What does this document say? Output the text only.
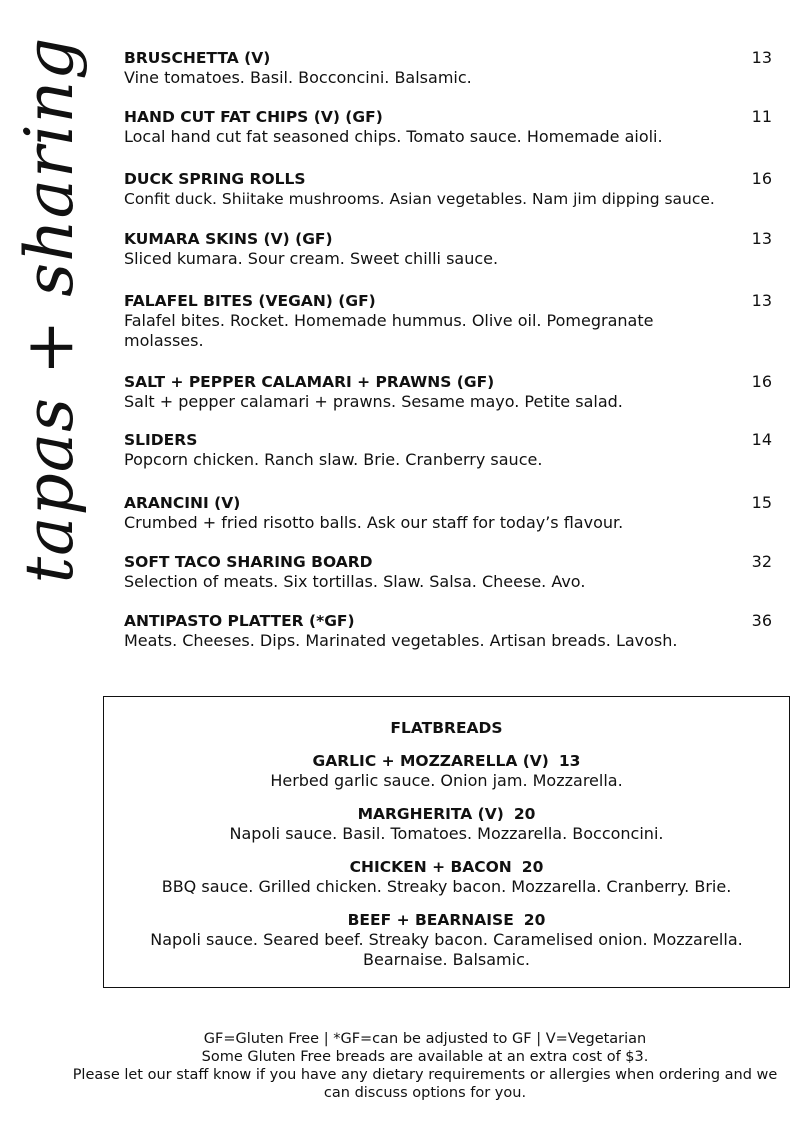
tapas + sharing BRUSCHETTA (V)	13
Vine tomatoes. Basil. Bocconcini. Balsamic.
HAND CUT FAT CHIPS (V) (GF)	11
Local hand cut fat seasoned chips. Tomato sauce. Homemade aioli.
DUCK SPRING ROLLS	16
Confit duck. Shiitake mushrooms. Asian vegetables. Nam jim dipping sauce.
KUMARA SKINS (V) (GF)	13
Sliced kumara. Sour cream. Sweet chilli sauce.
FALAFEL BITES (VEGAN) (GF)	13
Falafel bites. Rocket. Homemade hummus. Olive oil. Pomegranate molasses.
SALT + PEPPER CALAMARI + PRAWNS (GF)	16
Salt + pepper calamari + prawns. Sesame mayo. Petite salad.
SLIDERS	14
Popcorn chicken. Ranch slaw. Brie. Cranberry sauce.
ARANCINI (V)	15
Crumbed + fried risotto balls. Ask our staff for today’s flavour.
SOFT TACO SHARING BOARD	32
Selection of meats. Six tortillas. Slaw. Salsa. Cheese. Avo.
ANTIPASTO PLATTER (*GF)	36
Meats. Cheeses. Dips. Marinated vegetables. Artisan breads. Lavosh.
FLATBREADS
GARLIC + MOZZARELLA (V) 13
Herbed garlic sauce. Onion jam. Mozzarella.
MARGHERITA (V) 20
Napoli sauce. Basil. Tomatoes. Mozzarella. Bocconcini.
CHICKEN + BACON 20
BBQ sauce. Grilled chicken. Streaky bacon. Mozzarella. Cranberry. Brie.
BEEF + BEARNAISE 20
Napoli sauce. Seared beef. Streaky bacon. Caramelised onion. Mozzarella. Bearnaise. Balsamic.
GF=Gluten Free | *GF=can be adjusted to GF | V=Vegetarian
Some Gluten Free breads are available at an extra cost of $3.
Please let our staff know if you have any dietary requirements or allergies when ordering and we can discuss options for you.
